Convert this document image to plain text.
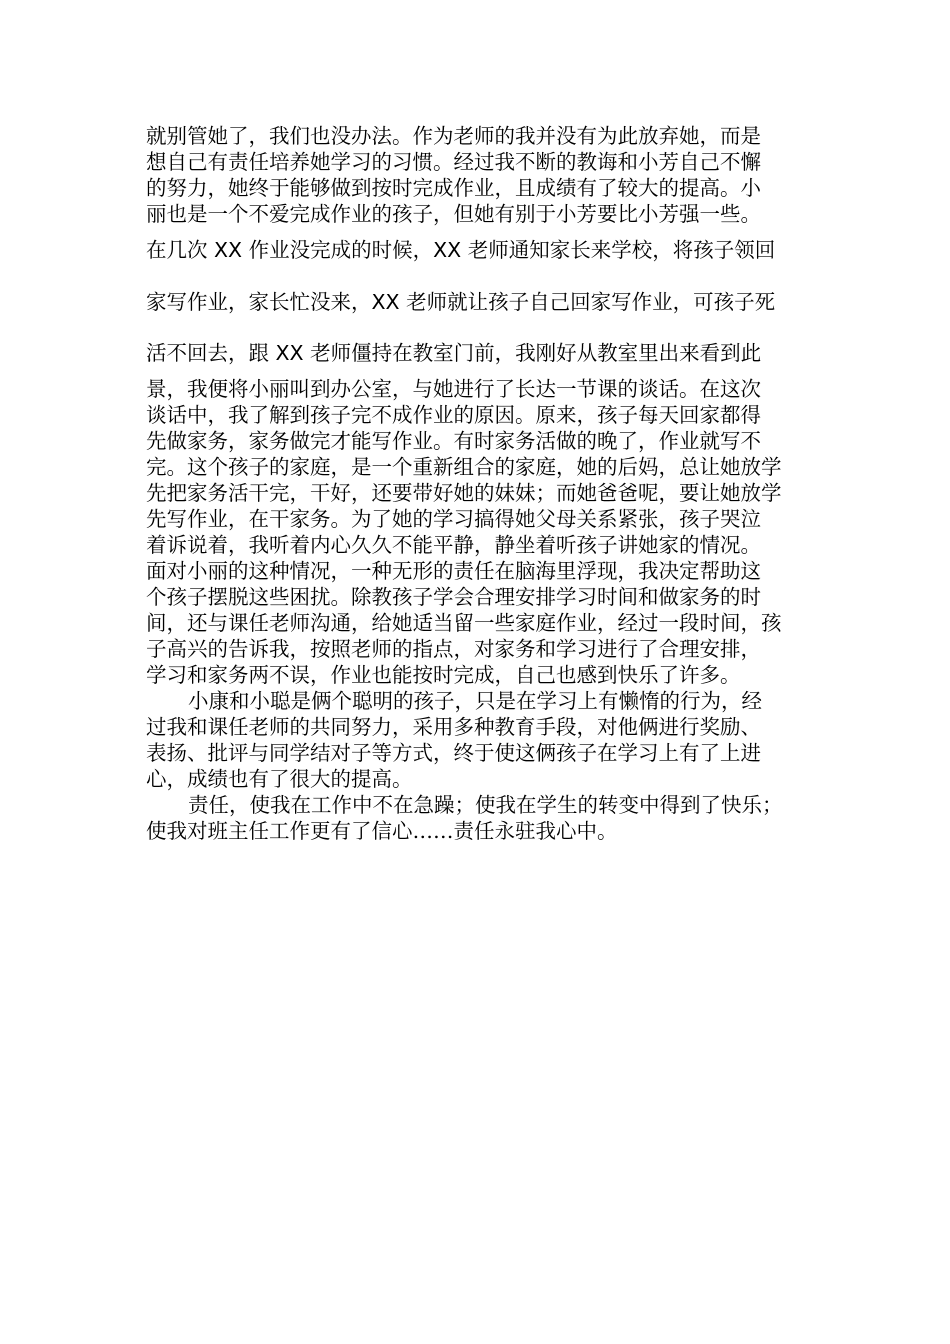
就别管她了，我们也没办法。作为老师的我并没有为此放弃她，而是
想自己有责任培养她学习的习惯。经过我不断的教诲和小芳自己不懈
的努力，她终于能够做到按时完成作业，且成绩有了较大的提高。小
丽也是一个不爱完成作业的孩子，但她有别于小芳要比小芳强一些。
在几次 XX 作业没完成的时候，XX 老师通知家长来学校，将孩子领回
家写作业，家长忙没来，XX 老师就让孩子自己回家写作业，可孩子死
活不回去，跟 XX 老师僵持在教室门前，我刚好从教室里出来看到此
景，我便将小丽叫到办公室，与她进行了长达一节课的谈话。在这次
谈话中，我了解到孩子完不成作业的原因。原来，孩子每天回家都得
先做家务，家务做完才能写作业。有时家务活做的晚了，作业就写不
完。这个孩子的家庭，是一个重新组合的家庭，她的后妈，总让她放学
先把家务活干完，干好，还要带好她的妹妹；而她爸爸呢，要让她放学
先写作业，在干家务。为了她的学习搞得她父母关系紧张，孩子哭泣
着诉说着，我听着内心久久不能平静，静坐着听孩子讲她家的情况。
面对小丽的这种情况，一种无形的责任在脑海里浮现，我决定帮助这
个孩子摆脱这些困扰。除教孩子学会合理安排学习时间和做家务的时
间，还与课任老师沟通，给她适当留一些家庭作业，经过一段时间，孩
子高兴的告诉我，按照老师的指点，对家务和学习进行了合理安排，
学习和家务两不误，作业也能按时完成，自己也感到快乐了许多。
小康和小聪是俩个聪明的孩子，只是在学习上有懒惰的行为，经
过我和课任老师的共同努力，采用多种教育手段，对他俩进行奖励、
表扬、批评与同学结对子等方式，终于使这俩孩子在学习上有了上进
心，成绩也有了很大的提高。
责任，使我在工作中不在急躁；使我在学生的转变中得到了快乐；
使我对班主任工作更有了信心……责任永驻我心中。
